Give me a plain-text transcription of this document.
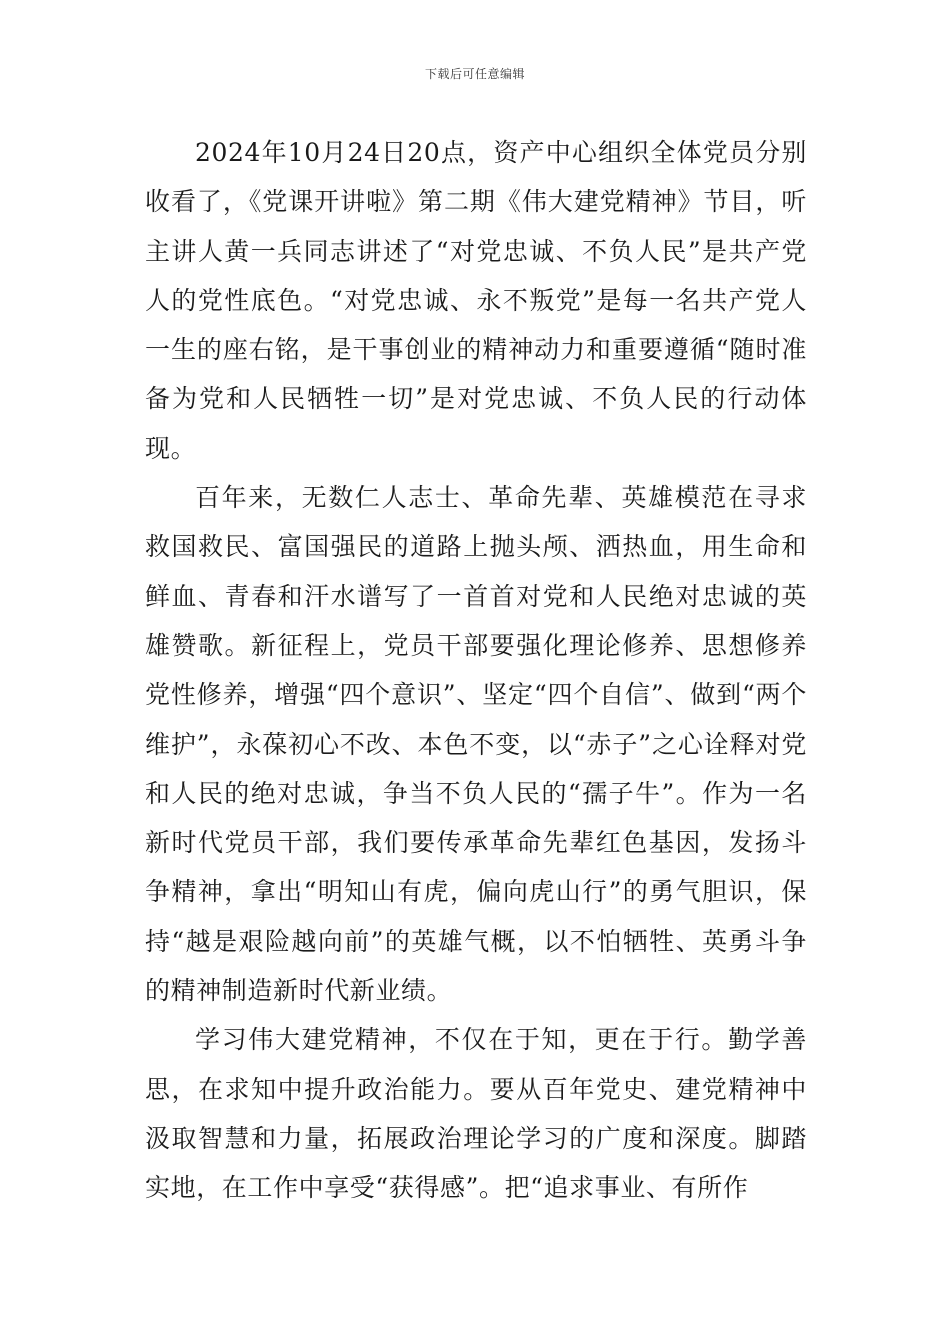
下载后可任意编辑

2024年10月24日20点，资产中心组织全体党员分别收看了，《党课开讲啦》第二期《伟大建党精神》节目，听主讲人黄一兵同志讲述了“对党忠诚、不负人民”是共产党人的党性底色。“对党忠诚、永不叛党”是每一名共产党人一生的座右铭，是干事创业的精神动力和重要遵循“随时准备为党和人民牺牲一切”是对党忠诚、不负人民的行动体现。

百年来，无数仁人志士、革命先辈、英雄模范在寻求救国救民、富国强民的道路上抛头颅、洒热血，用生命和鲜血、青春和汗水谱写了一首首对党和人民绝对忠诚的英雄赞歌。新征程上，党员干部要强化理论修养、思想修养党性修养，增强“四个意识”、坚定“四个自信”、做到“两个维护”，永葆初心不改、本色不变，以“赤子”之心诠释对党和人民的绝对忠诚，争当不负人民的“孺子牛”。作为一名新时代党员干部，我们要传承革命先辈红色基因，发扬斗争精神，拿出“明知山有虎，偏向虎山行”的勇气胆识，保持“越是艰险越向前”的英雄气概，以不怕牺牲、英勇斗争的精神制造新时代新业绩。

学习伟大建党精神，不仅在于知，更在于行。勤学善思，在求知中提升政治能力。要从百年党史、建党精神中汲取智慧和力量，拓展政治理论学习的广度和深度。脚踏实地，在工作中享受“获得感”。把“追求事业、有所作
